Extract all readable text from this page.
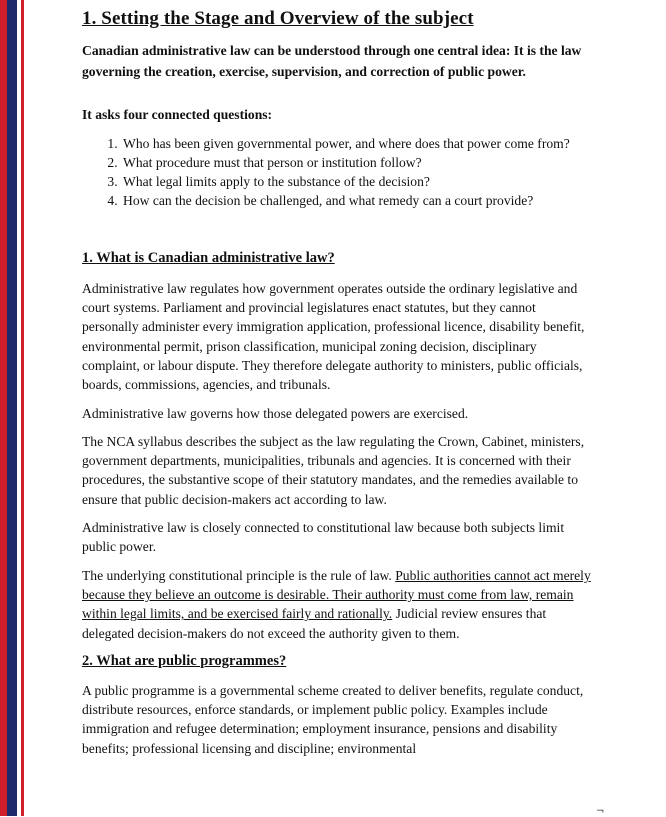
1. Setting the Stage and Overview of the subject
Canadian administrative law can be understood through one central idea: It is the law governing the creation, exercise, supervision, and correction of public power.
It asks four connected questions:
1. Who has been given governmental power, and where does that power come from?
2. What procedure must that person or institution follow?
3. What legal limits apply to the substance of the decision?
4. How can the decision be challenged, and what remedy can a court provide?
1. What is Canadian administrative law?
Administrative law regulates how government operates outside the ordinary legislative and court systems. Parliament and provincial legislatures enact statutes, but they cannot personally administer every immigration application, professional licence, disability benefit, environmental permit, prison classification, municipal zoning decision, disciplinary complaint, or labour dispute. They therefore delegate authority to ministers, public officials, boards, commissions, agencies, and tribunals.
Administrative law governs how those delegated powers are exercised.
The NCA syllabus describes the subject as the law regulating the Crown, Cabinet, ministers, government departments, municipalities, tribunals and agencies. It is concerned with their procedures, the substantive scope of their statutory mandates, and the remedies available to ensure that public decision-makers act according to law.
Administrative law is closely connected to constitutional law because both subjects limit public power.
The underlying constitutional principle is the rule of law. Public authorities cannot act merely because they believe an outcome is desirable. Their authority must come from law, remain within legal limits, and be exercised fairly and rationally. Judicial review ensures that delegated decision-makers do not exceed the authority given to them.
2. What are public programmes?
A public programme is a governmental scheme created to deliver benefits, regulate conduct, distribute resources, enforce standards, or implement public policy. Examples include immigration and refugee determination; employment insurance, pensions and disability benefits; professional licensing and discipline; environmental
¬
